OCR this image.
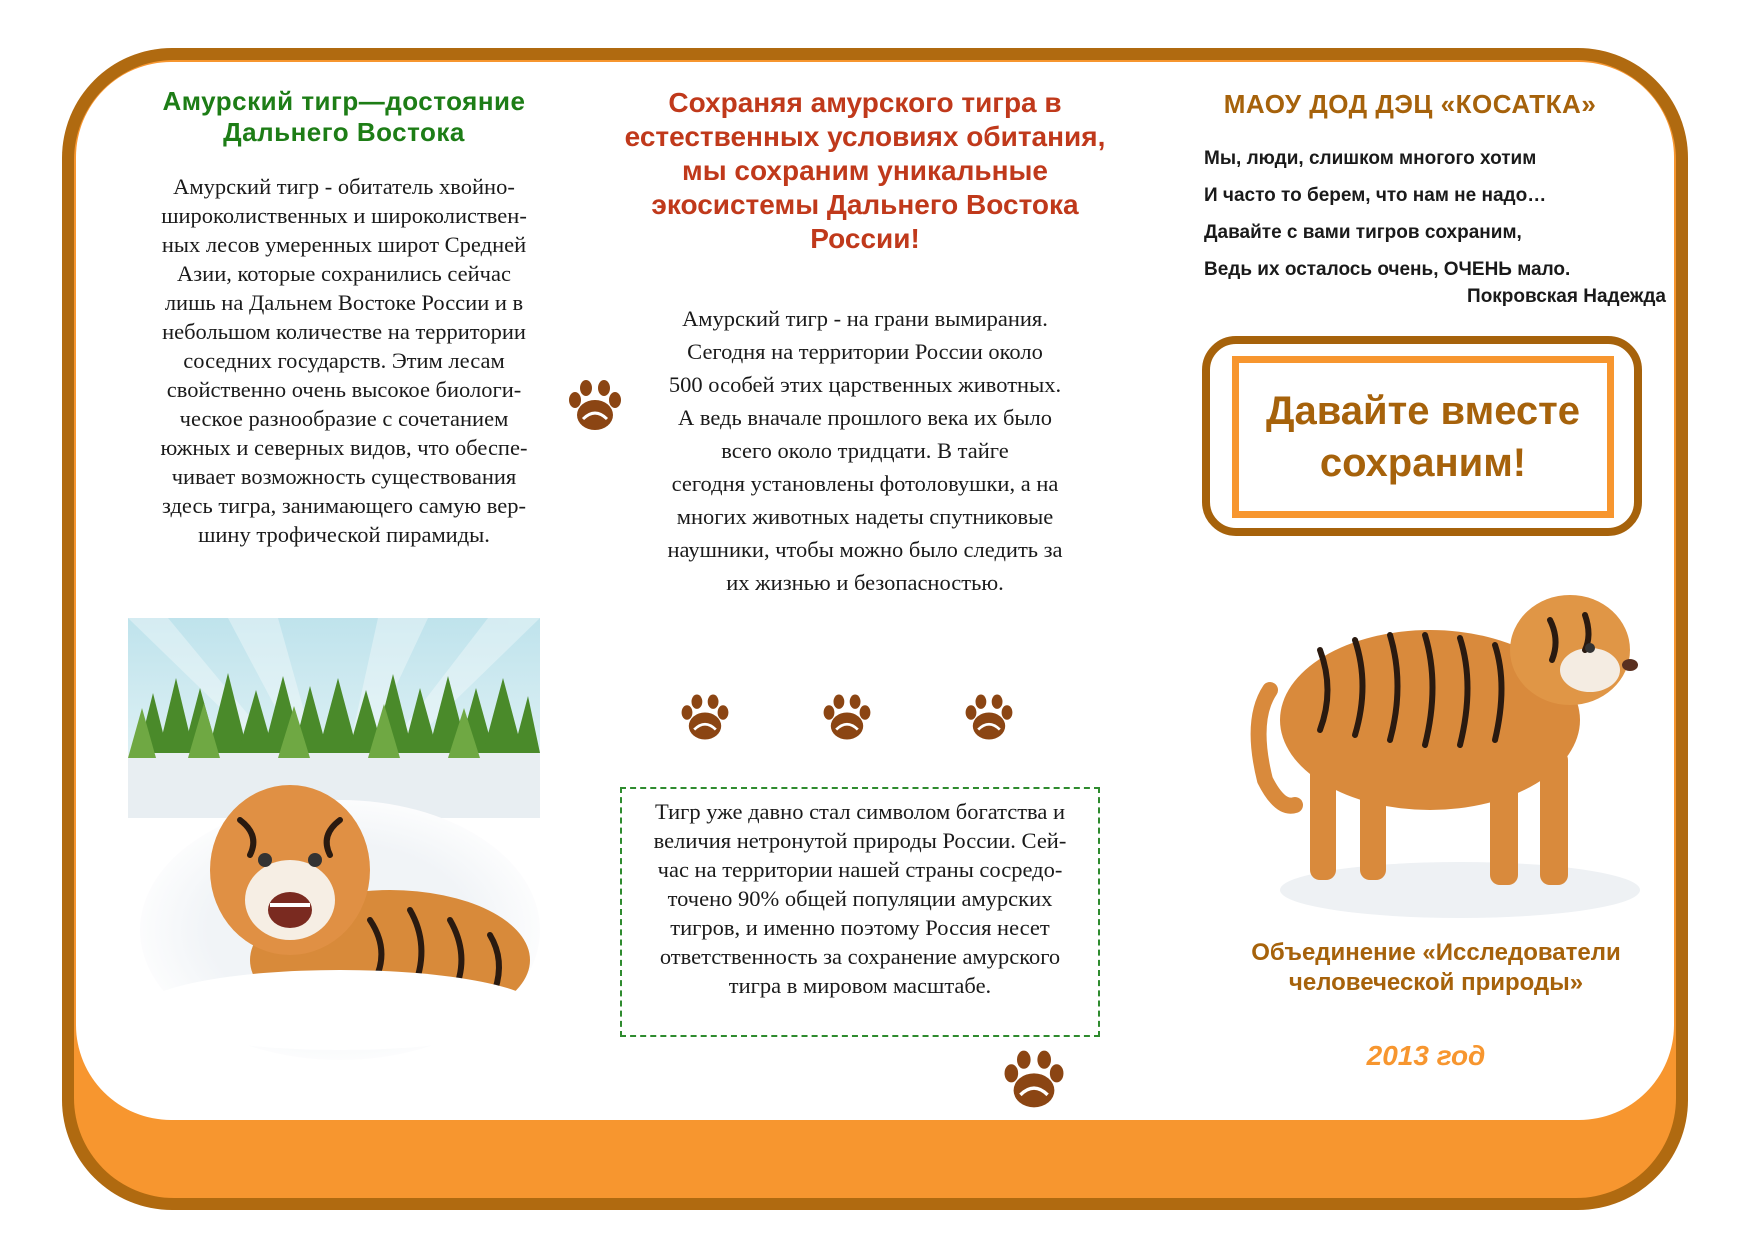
Амурский тигр—достояние Дальнего Востока
Амурский тигр - обитатель хвойно-
широколиственных и широколиствен-
ных лесов умеренных широт Средней
Азии, которые сохранились сейчас
лишь на Дальнем Востоке России и в
небольшом количестве на территории
соседних государств. Этим лесам
свойственно очень высокое биологи-
ческое разнообразие с сочетанием
южных и северных видов, что обеспе-
чивает возможность существования
здесь тигра, занимающего самую вер-
шину трофической пирамиды.
Сохраняя амурского тигра в
естественных условиях обитания,
мы сохраним уникальные
экосистемы Дальнего Востока
России!
Амурский тигр - на грани вымирания.
Сегодня на территории России около
500 особей этих царственных животных.
А ведь вначале прошлого века их было
всего около тридцати. В тайге
сегодня установлены фотоловушки, а на
многих животных надеты спутниковые
наушники, чтобы можно было следить за
их жизнью и безопасностью.
Тигр уже давно стал символом богатства и
величия нетронутой природы России. Сей-
час на территории нашей страны сосредо-
точено 90% общей популяции амурских
тигров, и именно поэтому Россия несет
ответственность за сохранение амурского
тигра в мировом масштабе.
МАОУ ДОД ДЭЦ «КОСАТКА»
Мы, люди, слишком многого хотим
И часто то берем, что нам не надо…
Давайте с вами тигров сохраним,
Ведь их осталось очень, ОЧЕНЬ мало.
Покровская Надежда
Давайте вместе
сохраним!
Объединение «Исследователи
человеческой природы»
2013 год
